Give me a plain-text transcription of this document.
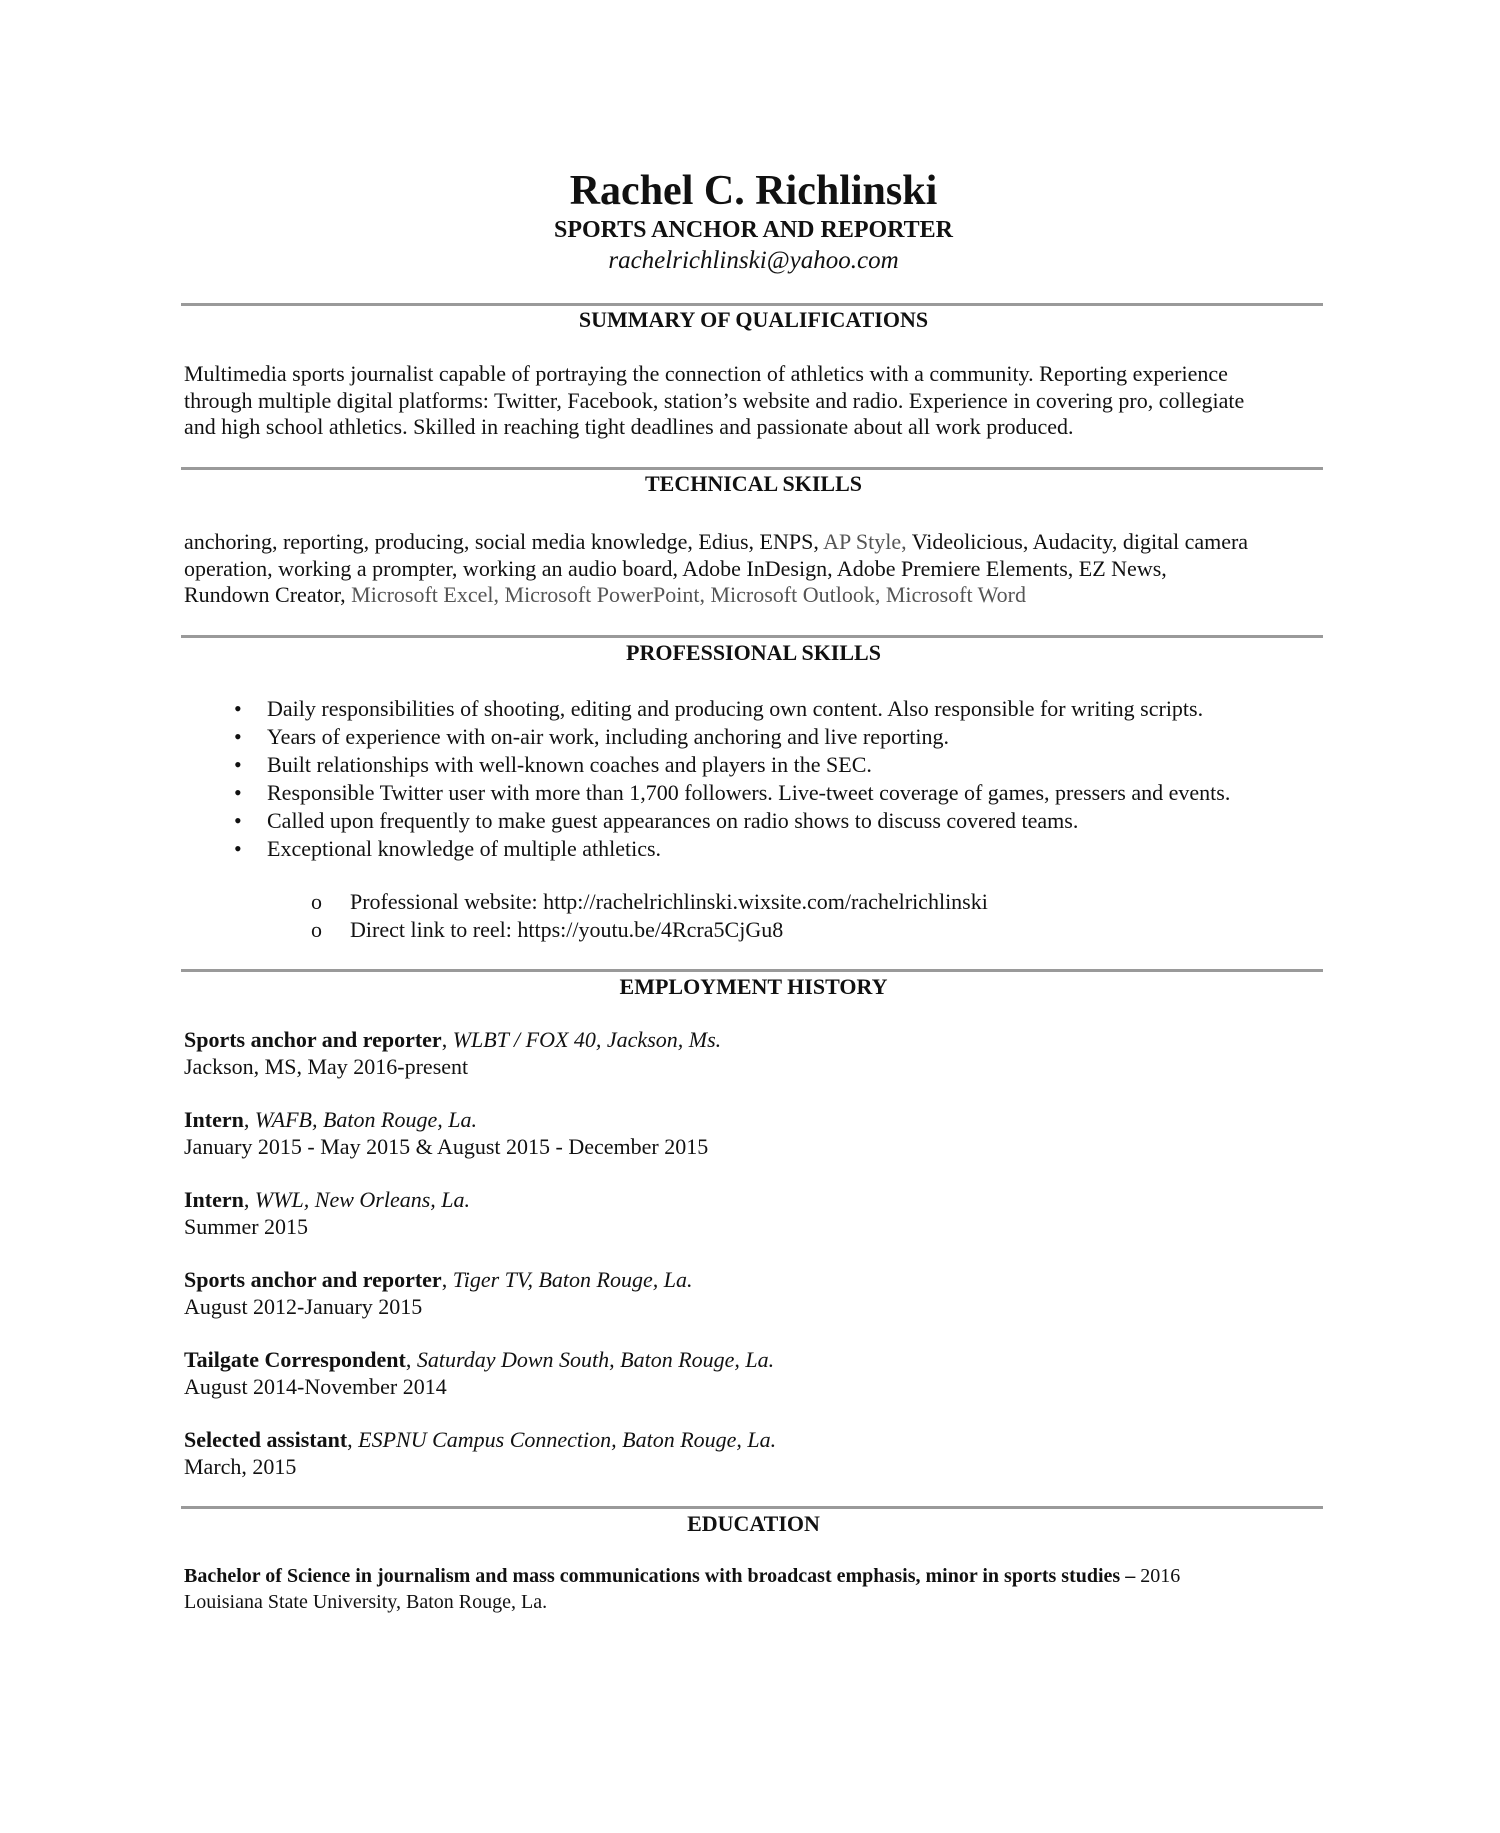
Rachel C. Richlinski
SPORTS ANCHOR AND REPORTER
rachelrichlinski@yahoo.com
SUMMARY OF QUALIFICATIONS
Multimedia sports journalist capable of portraying the connection of athletics with a community. Reporting experience
through multiple digital platforms: Twitter, Facebook, station’s website and radio. Experience in covering pro, collegiate
and high school athletics. Skilled in reaching tight deadlines and passionate about all work produced.
TECHNICAL SKILLS
anchoring, reporting, producing, social media knowledge, Edius, ENPS, AP Style, Videolicious, Audacity, digital camera
operation, working a prompter, working an audio board, Adobe InDesign, Adobe Premiere Elements, EZ News,
Rundown Creator, Microsoft Excel, Microsoft PowerPoint, Microsoft Outlook, Microsoft Word
PROFESSIONAL SKILLS
• Daily responsibilities of shooting, editing and producing own content. Also responsible for writing scripts.
• Years of experience with on-air work, including anchoring and live reporting.
• Built relationships with well-known coaches and players in the SEC.
• Responsible Twitter user with more than 1,700 followers. Live-tweet coverage of games, pressers and events.
• Called upon frequently to make guest appearances on radio shows to discuss covered teams.
• Exceptional knowledge of multiple athletics.
o Professional website: http://rachelrichlinski.wixsite.com/rachelrichlinski
o Direct link to reel: https://youtu.be/4Rcra5CjGu8
EMPLOYMENT HISTORY
Sports anchor and reporter, WLBT / FOX 40, Jackson, Ms.
Jackson, MS, May 2016-present
Intern, WAFB, Baton Rouge, La.
January 2015 - May 2015 & August 2015 - December 2015
Intern, WWL, New Orleans, La.
Summer 2015
Sports anchor and reporter, Tiger TV, Baton Rouge, La.
August 2012-January 2015
Tailgate Correspondent, Saturday Down South, Baton Rouge, La.
August 2014-November 2014
Selected assistant, ESPNU Campus Connection, Baton Rouge, La.
March, 2015
EDUCATION
Bachelor of Science in journalism and mass communications with broadcast emphasis, minor in sports studies – 2016
Louisiana State University, Baton Rouge, La.
